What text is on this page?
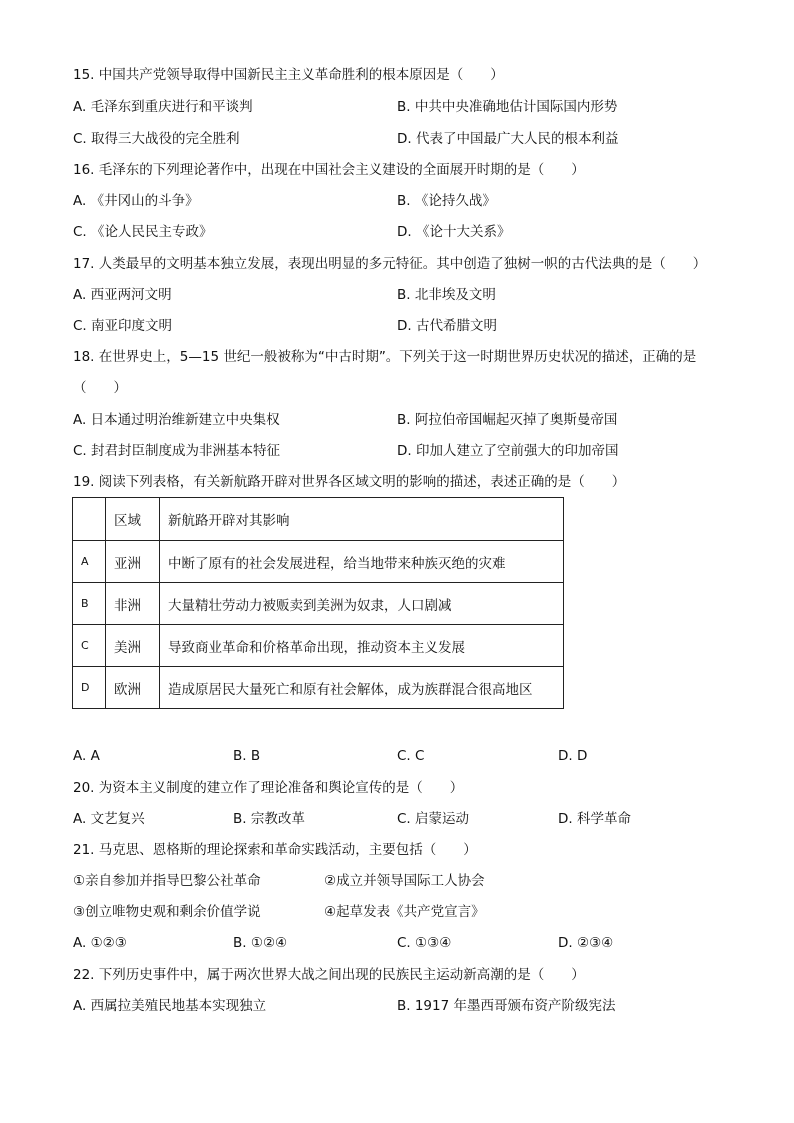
15. 中国共产党领导取得中国新民主主义革命胜利的根本原因是（　　）
A. 毛泽东到重庆进行和平谈判	B. 中共中央准确地估计国际国内形势
C. 取得三大战役的完全胜利	D. 代表了中国最广大人民的根本利益
16. 毛泽东的下列理论著作中，出现在中国社会主义建设的全面展开时期的是（　　）
A. 《井冈山的斗争》	B. 《论持久战》
C. 《论人民民主专政》	D. 《论十大关系》
17. 人类最早的文明基本独立发展，表现出明显的多元特征。其中创造了独树一帜的古代法典的是（　　）
A. 西亚两河文明	B. 北非埃及文明
C. 南亚印度文明	D. 古代希腊文明
18. 在世界史上，5—15 世纪一般被称为“中古时期”。下列关于这一时期世界历史状况的描述，正确的是
（　　）
A. 日本通过明治维新建立中央集权	B. 阿拉伯帝国崛起灭掉了奥斯曼帝国
C. 封君封臣制度成为非洲基本特征	D. 印加人建立了空前强大的印加帝国
19. 阅读下列表格，有关新航路开辟对世界各区域文明的影响的描述，表述正确的是（　　）
	区域	新航路开辟对其影响
A	亚洲	中断了原有的社会发展进程，给当地带来种族灭绝的灾难
B	非洲	大量精壮劳动力被贩卖到美洲为奴隶，人口剧减
C	美洲	导致商业革命和价格革命出现，推动资本主义发展
D	欧洲	造成原居民大量死亡和原有社会解体，成为族群混合很高地区
A. A	B. B	C. C	D. D
20. 为资本主义制度的建立作了理论准备和舆论宣传的是（　　）
A. 文艺复兴	B. 宗教改革	C. 启蒙运动	D. 科学革命
21. 马克思、恩格斯的理论探索和革命实践活动，主要包括（　　）
①亲自参加并指导巴黎公社革命	②成立并领导国际工人协会
③创立唯物史观和剩余价值学说	④起草发表《共产党宣言》
A. ①②③	B. ①②④	C. ①③④	D. ②③④
22. 下列历史事件中，属于两次世界大战之间出现的民族民主运动新高潮的是（　　）
A. 西属拉美殖民地基本实现独立	B. 1917 年墨西哥颁布资产阶级宪法
